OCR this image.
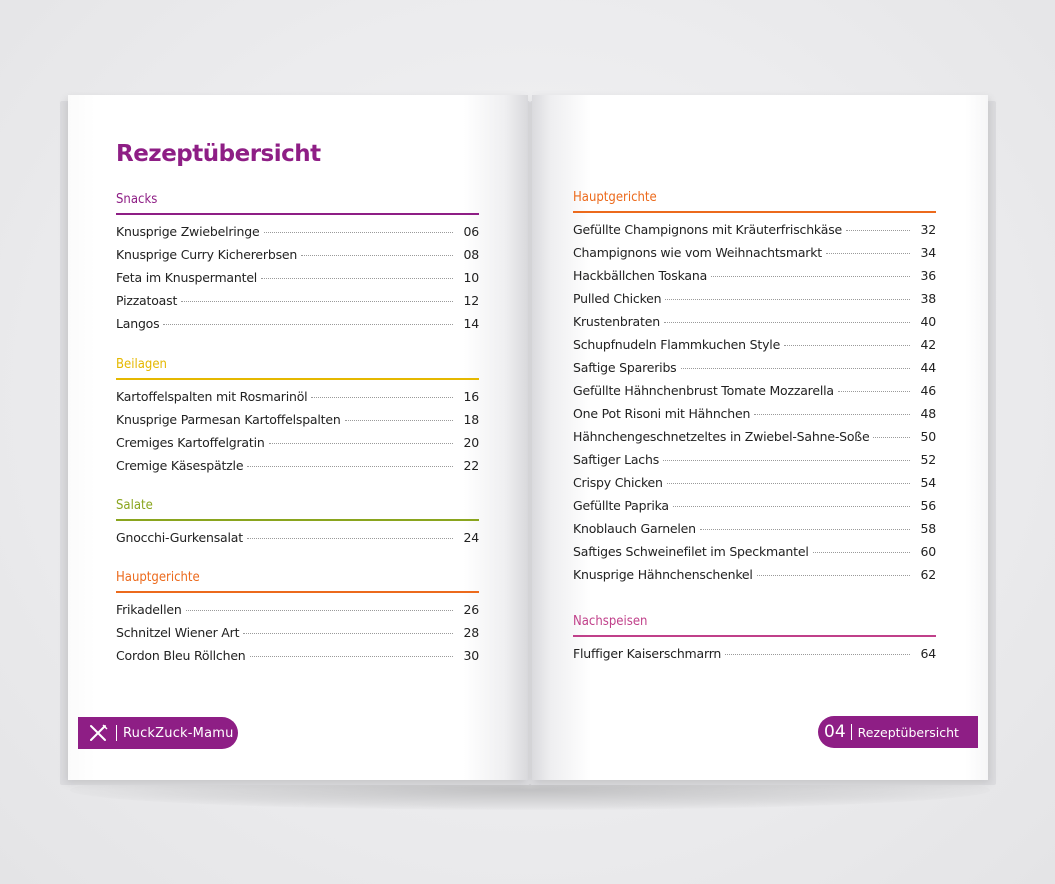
Rezeptübersicht
Snacks
Knusprige Zwiebelringe	06
Knusprige Curry Kichererbsen	08
Feta im Knuspermantel	10
Pizzatoast	12
Langos	14
Beilagen
Kartoffelspalten mit Rosmarinöl	16
Knusprige Parmesan Kartoffelspalten	18
Cremiges Kartoffelgratin	20
Cremige Käsespätzle	22
Salate
Gnocchi-Gurkensalat	24
Hauptgerichte
Frikadellen	26
Schnitzel Wiener Art	28
Cordon Bleu Röllchen	30
Hauptgerichte
Gefüllte Champignons mit Kräuterfrischkäse	32
Champignons wie vom Weihnachtsmarkt	34
Hackbällchen Toskana	36
Pulled Chicken	38
Krustenbraten	40
Schupfnudeln Flammkuchen Style	42
Saftige Spareribs	44
Gefüllte Hähnchenbrust Tomate Mozzarella	46
One Pot Risoni mit Hähnchen	48
Hähnchengeschnetzeltes in Zwiebel-Sahne-Soße	50
Saftiger Lachs	52
Crispy Chicken	54
Gefüllte Paprika	56
Knoblauch Garnelen	58
Saftiges Schweinefilet im Speckmantel	60
Knusprige Hähnchenschenkel	62
Nachspeisen
Fluffiger Kaiserschmarrn	64
RuckZuck-Mamu	04 Rezeptübersicht
